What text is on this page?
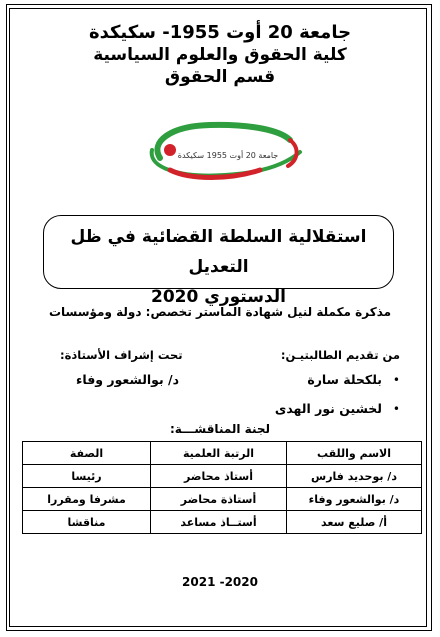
جامعة 20 أوت 1955- سكيكدة
كلية الحقوق والعلوم السياسية
قسم الحقوق
جامعة 20 أوت 1955 سكيكدة
استقلالية السلطة القضائية في ظل التعديل
الدستوري 2020
مذكرة مكملة لنيل شهادة الماستر تخصص: دولة ومؤسسات
من تقديم الطالبتيـن:
تحت إشراف الأستاذة:
•
بلكحلة سارة
د/ بوالشعور وفاء
•
لخشين نور الهدى
لجنة المناقشـــة:
الاسم واللقب	الرتبة العلمية	الصفة
د/ بوحديد فارس	أستاذ محاضر	رئيسا
د/ بوالشعور وفاء	أستاذة محاضر	مشرفا ومقررا
أ/ صليع سعد	أستــاذ مساعد	مناقشا
2021 -2020
